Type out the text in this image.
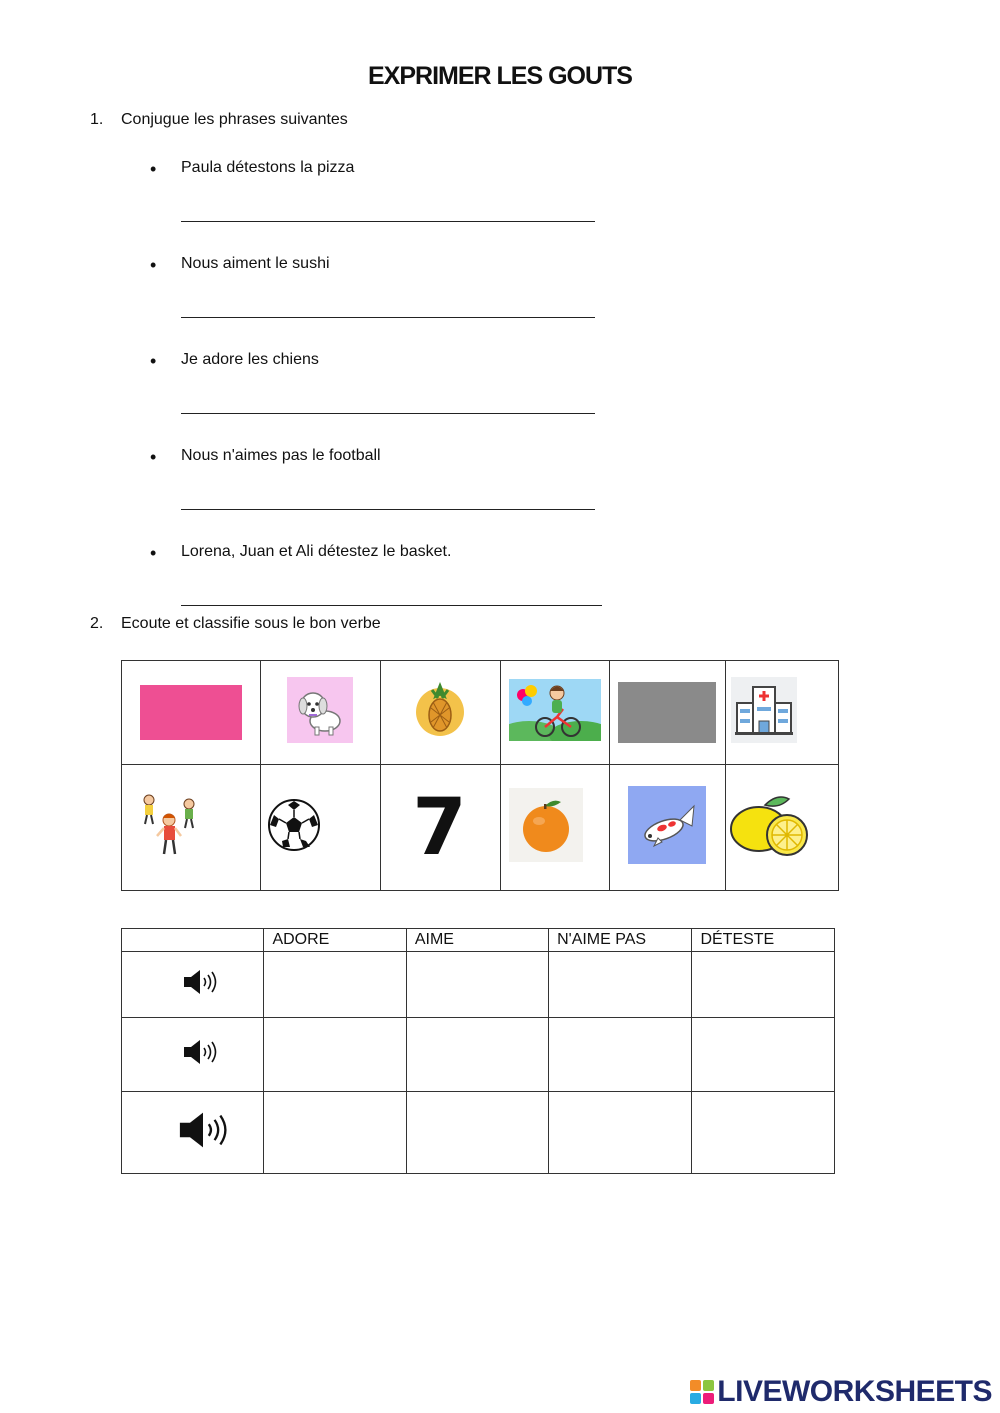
EXPRIMER LES GOUTS
1. Conjugue les phrases suivantes
• Paula détestons la pizza
• Nous aiment le sushi
• Je adore les chiens
• Nous n'aimes pas le football
• Lorena, Juan et Ali détestez le basket.
2. Ecoute et classifie sous le bon verbe

7

	ADORE	AIME	N'AIME PAS	DÉTESTE

LIVEWORKSHEETS
